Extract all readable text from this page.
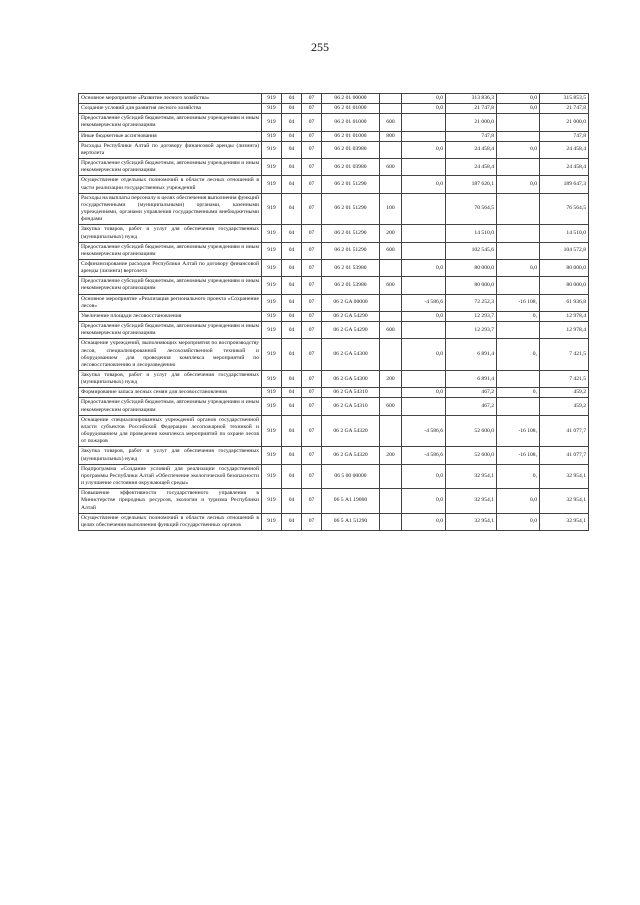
255
Основное мероприятие «Развитие лесного хозяйства»	919	04	07	06 2 01 00000		0,0	313 836,3	0,0	315 853,5
Создание условий для развития лесного хозяйства	919	04	07	06 2 01 01000		0,0	21 747,8	0,0	21 747,8
Предоставление субсидий бюджетным, автономным учреждениям и иным некоммерческим организациям	919	04	07	06 2 01 01000	600		21 000,0		21 000,0
Иные бюджетные ассигнования	919	04	07	06 2 01 01000	800		747,8		747,8
Расходы Республики Алтай по договору финансовой аренды (лизинга) вертолета	919	04	07	06 2 01 03980		0,0	24 458,4	0,0	24 458,4
Предоставление субсидий бюджетным, автономным учреждениям и иным некоммерческим организациям	919	04	07	06 2 01 03980	600		24 458,4		24 458,4
Осуществление отдельных полномочий в области лесных отношений в части реализации государственных учреждений	919	04	07	06 2 01 51290		0,0	187 620,1	0,0	189 647,3
Расходы на выплаты персоналу в целях обеспечения выполнения функций государственными (муниципальными) органами, казенными учреждениями, органами управления государственными внебюджетными фондами	919	04	07	06 2 01 51290	100		70 564,5		76 564,5
Закупка товаров, работ и услуг для обеспечения государственных (муниципальных) нужд	919	04	07	06 2 01 51290	200		14 510,0		14 510,0
Предоставление субсидий бюджетным, автономным учреждениям и иным некоммерческим организациям	919	04	07	06 2 01 51290	600		102 545,6		104 572,8
Софинансирование расходов Республики Алтай по договору финансовой аренды (лизинга) вертолета	919	04	07	06 2 01 53980		0,0	80 000,0	0,0	80 000,0
Предоставление субсидий бюджетным, автономным учреждениям и иным некоммерческим организациям	919	04	07	06 2 01 53980	600		80 000,0		80 000,0
Основное мероприятие «Реализация регионального проекта «Сохранение лесов»	919	04	07	06 2 GA 00000		-4 586,6	72 252,3	-16 108,	61 936,8
Увеличение площади лесовосстановления	919	04	07	06 2 GA 54290		0,0	12 293,7	0,	12 978,4
Предоставление субсидий бюджетным, автономным учреждениям и иным некоммерческим организациям	919	04	07	06 2 GA 54290	600		12 293,7		12 978,4
Оснащение учреждений, выполняющих мероприятия по воспроизводству лесов, специализированной лесохозяйственной техникой и оборудованием для проведения комплекса мероприятий по лесовосстановлению и лесоразведению	919	04	07	06 2 GA 54300		0,0	6 891,4	0,	7 421,5
Закупка товаров, работ и услуг для обеспечения государственных (муниципальных) нужд	919	04	07	06 2 GA 54300	200		6 891,4		7 421,5
Формирование запаса лесных семян для лесовосстановления	919	04	07	06 2 GA 54310		0,0	467,2	0,	459,2
Предоставление субсидий бюджетным, автономным учреждениям и иным некоммерческим организациям	919	04	07	06 2 GA 54310	600		467,2		459,2
Оснащение специализированных учреждений органов государственной власти субъектов Российской Федерации лесопожарной техникой и оборудованием для проведения комплекса мероприятий по охране лесов от пожаров	919	04	07	06 2 GA 54320		-4 586,6	52 600,0	-16 108,	41 077,7
Закупка товаров, работ и услуг для обеспечения государственных (муниципальных) нужд	919	04	07	06 2 GA 54320	200	-4 586,6	52 600,0	-16 108,	41 077,7
Подпрограмма «Создание условий для реализации государственной программы Республики Алтай «Обеспечение экологической безопасности и улучшение состояния окружающей среды»	919	04	07	06 5 00 00000		0,0	32 954,1	0,	32 954,1
Повышение эффективности государственного управления в Министерстве природных ресурсов, экологии и туризма Республики Алтай	919	04	07	06 5 А1 19000		0,0	32 954,1	0,0	32 954,1
Осуществление отдельных полномочий в области лесных отношений в целях обеспечения выполнения функций государственных органов	919	04	07	06 5 А1 51290		0,0	32 954,1	0,0	32 954,1
